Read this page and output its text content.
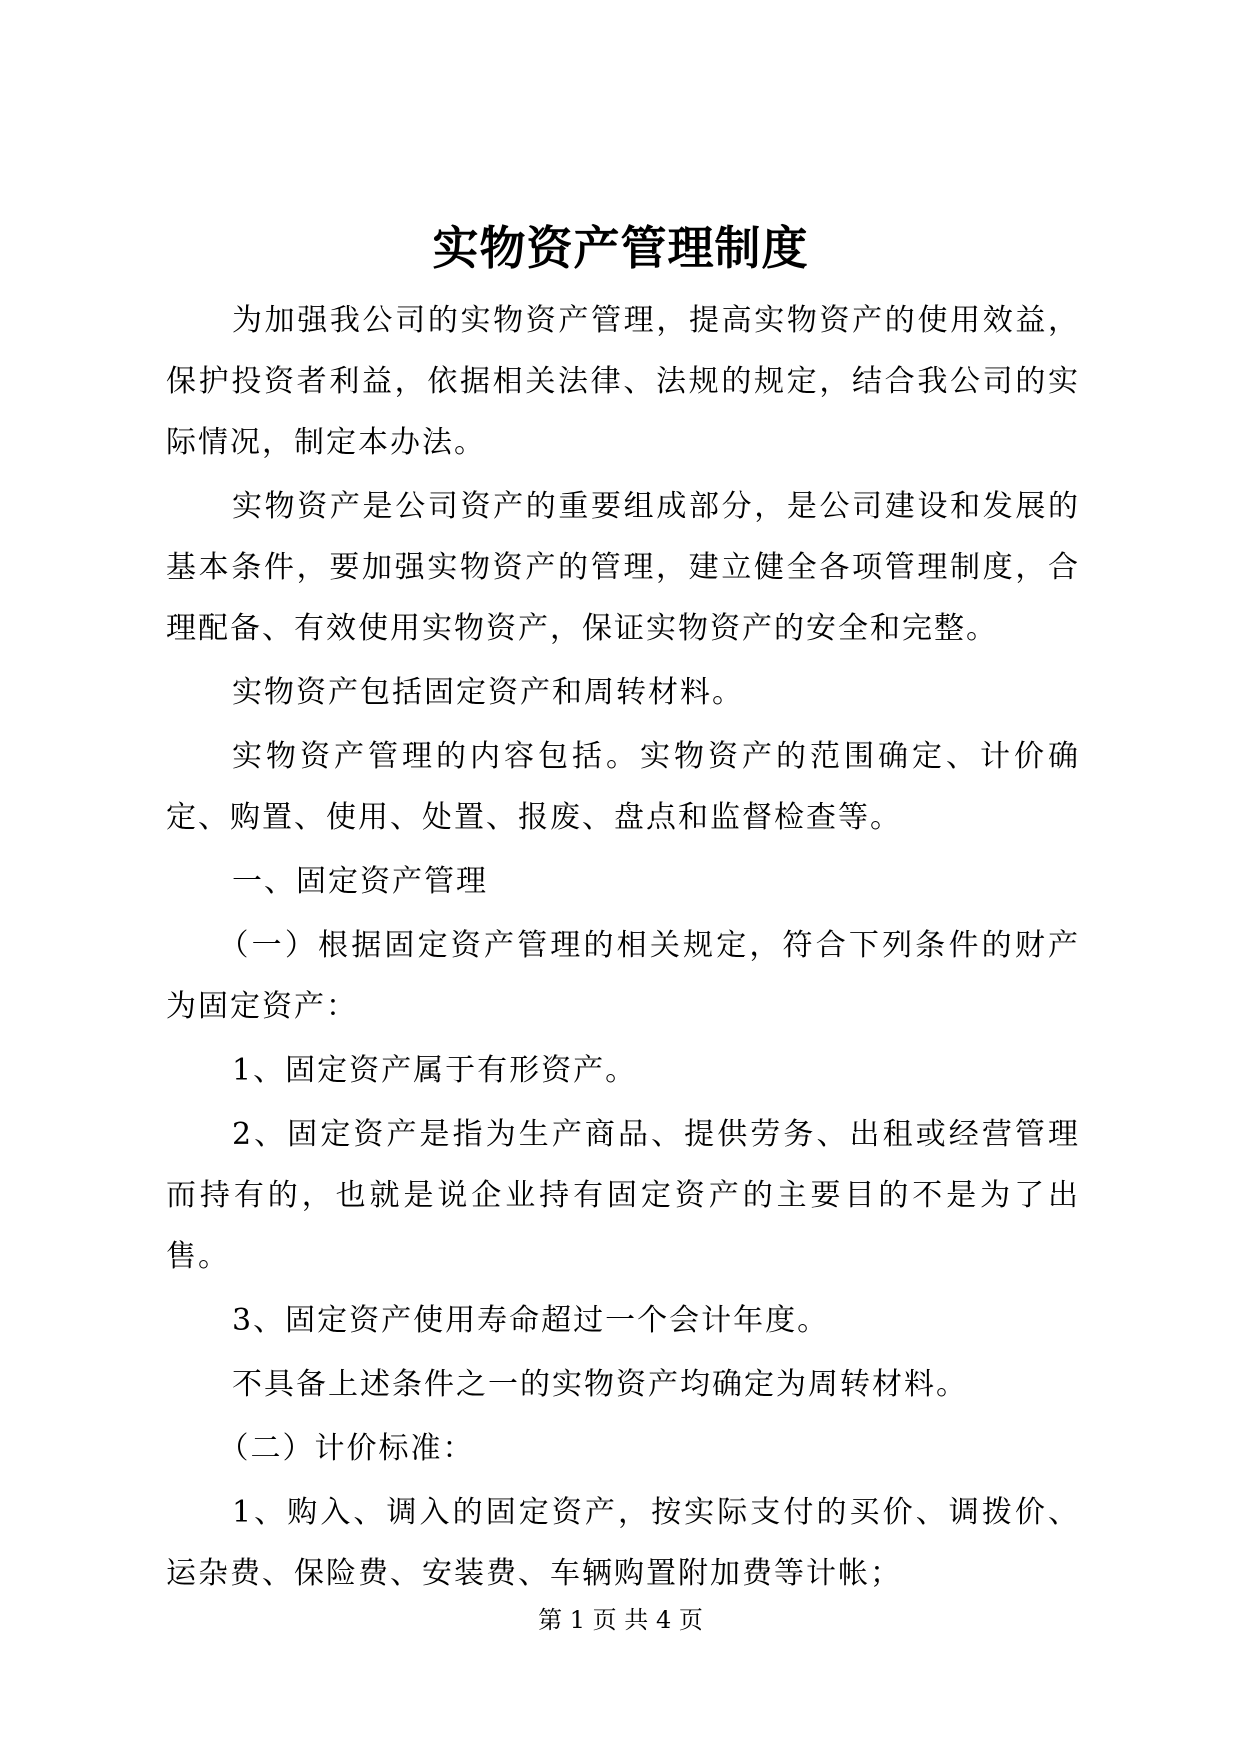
实物资产管理制度

为加强我公司的实物资产管理，提高实物资产的使用效益，保护投资者利益，依据相关法律、法规的规定，结合我公司的实际情况，制定本办法。

实物资产是公司资产的重要组成部分，是公司建设和发展的基本条件，要加强实物资产的管理，建立健全各项管理制度，合理配备、有效使用实物资产，保证实物资产的安全和完整。

实物资产包括固定资产和周转材料。

实物资产管理的内容包括。实物资产的范围确定、计价确定、购置、使用、处置、报废、盘点和监督检查等。

一、固定资产管理

（一）根据固定资产管理的相关规定，符合下列条件的财产为固定资产：

1、固定资产属于有形资产。

2、固定资产是指为生产商品、提供劳务、出租或经营管理而持有的，也就是说企业持有固定资产的主要目的不是为了出售。

3、固定资产使用寿命超过一个会计年度。

不具备上述条件之一的实物资产均确定为周转材料。

（二）计价标准：

1、购入、调入的固定资产，按实际支付的买价、调拨价、运杂费、保险费、安装费、车辆购置附加费等计帐；

第 1 页 共 4 页
